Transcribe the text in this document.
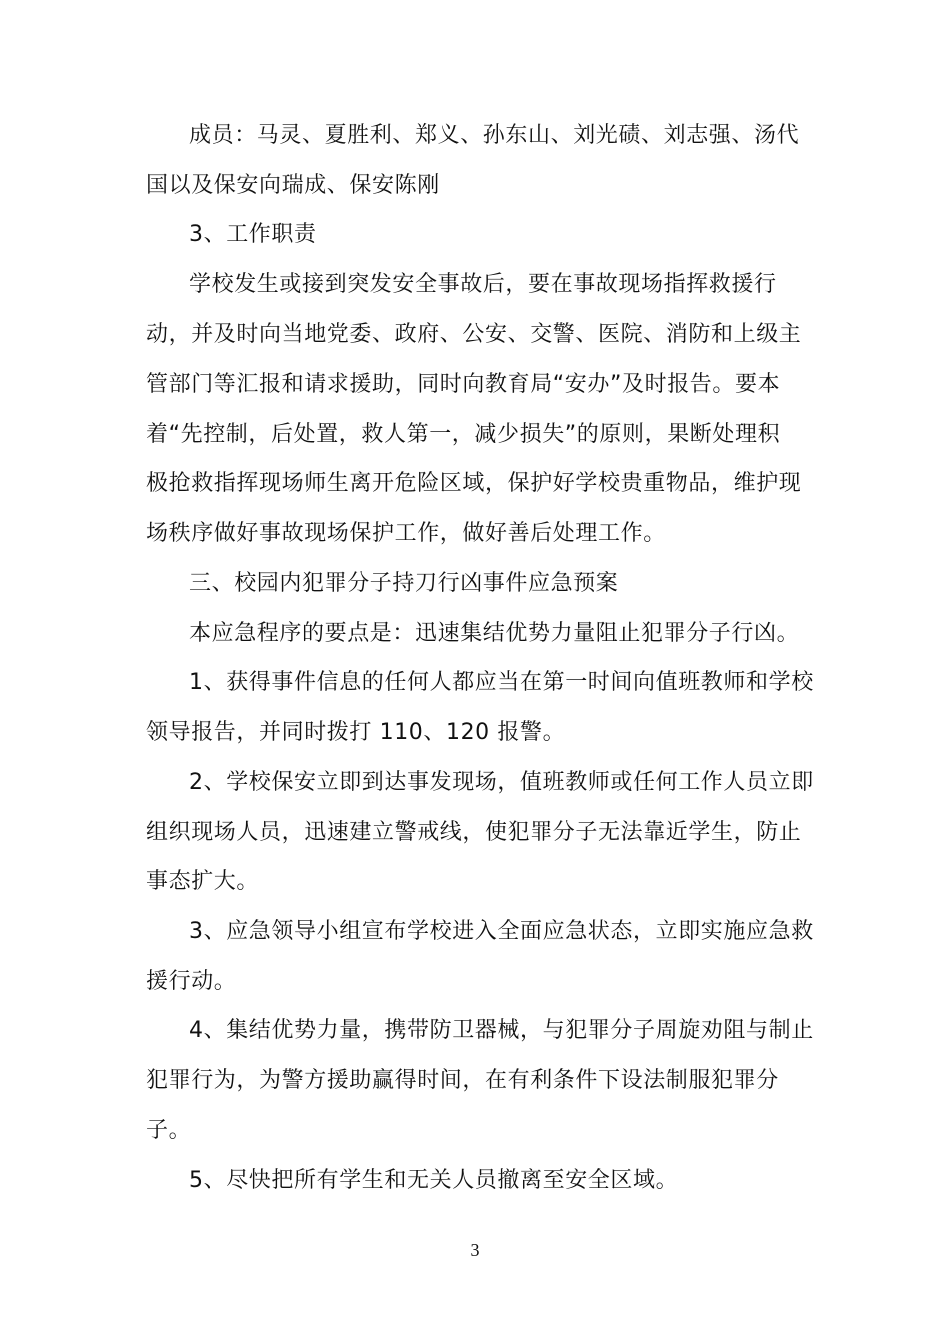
成员：马灵、夏胜利、郑义、孙东山、刘光碛、刘志强、汤代
国以及保安向瑞成、保安陈刚
3、工作职责
学校发生或接到突发安全事故后，要在事故现场指挥救援行
动，并及时向当地党委、政府、公安、交警、医院、消防和上级主
管部门等汇报和请求援助，同时向教育局“安办”及时报告。要本
着“先控制，后处置，救人第一，减少损失”的原则，果断处理积
极抢救指挥现场师生离开危险区域，保护好学校贵重物品，维护现
场秩序做好事故现场保护工作，做好善后处理工作。
三、校园内犯罪分子持刀行凶事件应急预案
本应急程序的要点是：迅速集结优势力量阻止犯罪分子行凶。
1、获得事件信息的任何人都应当在第一时间向值班教师和学校
领导报告，并同时拨打 110、120 报警。
2、学校保安立即到达事发现场，值班教师或任何工作人员立即
组织现场人员，迅速建立警戒线，使犯罪分子无法靠近学生，防止
事态扩大。
3、应急领导小组宣布学校进入全面应急状态，立即实施应急救
援行动。
4、集结优势力量，携带防卫器械，与犯罪分子周旋劝阻与制止
犯罪行为，为警方援助赢得时间，在有利条件下设法制服犯罪分
子。
5、尽快把所有学生和无关人员撤离至安全区域。
3
